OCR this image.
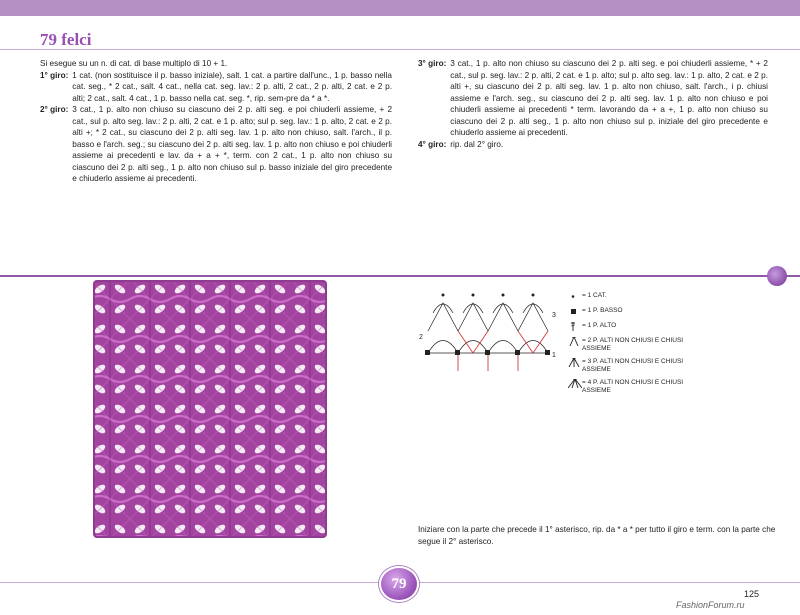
79 felci
Si esegue su un n. di cat. di base multiplo di 10 + 1.
1° giro: 1 cat. (non sostituisce il p. basso iniziale), salt. 1 cat. a partire dall'unc., 1 p. basso nella cat. seg., * 2 cat., salt. 4 cat., nella cat. seg. lav.: 2 p. alti, 2 cat., 2 p. alti, 2 cat. e 2 p. alti; 2 cat., salt. 4 cat., 1 p. basso nella cat. seg. *, rip. sem-pre da * a *.
2° giro: 3 cat., 1 p. alto non chiuso su ciascuno dei 2 p. alti seg. e poi chiuderli assieme, + 2 cat., sul p. alto seg. lav.: 2 p. alti, 2 cat. e 1 p. alto; sul p. seg. lav.: 1 p. alto, 2 cat. e 2 p. alti +; * 2 cat., su ciascuno dei 2 p. alti seg. lav. 1 p. alto non chiuso, salt. l'arch., il p. basso e l'arch. seg.; su ciascuno dei 2 p. alti seg. lav. 1 p. alto non chiuso e poi chiuderli assieme ai precedenti e lav. da + a + *, term. con 2 cat., 1 p. alto non chiuso su ciascuno dei 2 p. alti seg., 1 p. alto non chiuso sul p. basso iniziale del giro precedente e chiuderlo assieme ai precedenti.
3° giro: 3 cat., 1 p. alto non chiuso su ciascuno dei 2 p. alti seg. e poi chiuderli assieme, * + 2 cat., sul p. seg. lav.: 2 p. alti, 2 cat. e 1 p. alto; sul p. alto seg. lav.: 1 p. alto, 2 cat. e 2 p. alti +, su ciascuno dei 2 p. alti seg. lav. 1 p. alto non chiuso, salt. l'arch., i p. chiusi assieme e l'arch. seg., su ciascuno dei 2 p. alti seg. lav. 1 p. alto non chiuso e poi chiuderli assieme ai precedenti * term. lavorando da + a +, 1 p. alto non chiuso su ciascuno dei 2 p. alti seg., 1 p. alto non chiuso sul p. iniziale del giro precedente e chiuderlo assieme ai precedenti.
4° giro: rip. dal 2° giro.
1
2
3
= 1 CAT.
= 1 P. BASSO
= 1 P. ALTO
= 2 P. ALTI NON CHIUSI E CHIUSI ASSIEME
= 3 P. ALTI NON CHIUSI E CHIUSI ASSIEME
= 4 P. ALTI NON CHIUSI E CHIUSI ASSIEME
Iniziare con la parte che precede il 1° asterisco, rip. da * a * per tutto il giro e term. con la parte che segue il 2° asterisco.
79
125
FashionForum.ru
